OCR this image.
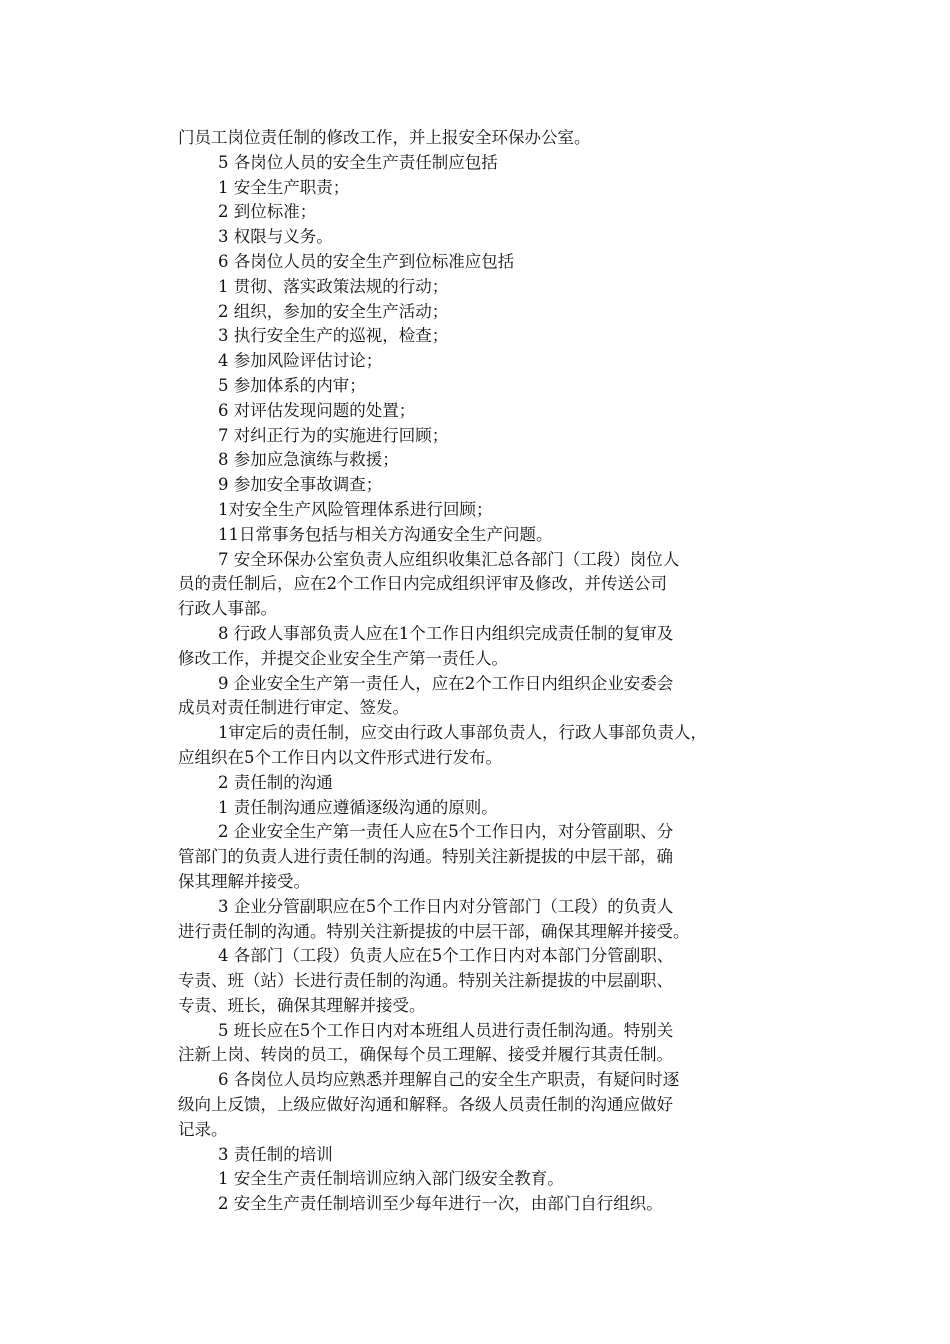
门员工岗位责任制的修改工作，并上报安全环保办公室。
5 各岗位人员的安全生产责任制应包括
1 安全生产职责；
2 到位标准；
3 权限与义务。
6 各岗位人员的安全生产到位标准应包括
1 贯彻、落实政策法规的行动；
2 组织，参加的安全生产活动；
3 执行安全生产的巡视，检查；
4 参加风险评估讨论；
5 参加体系的内审；
6 对评估发现问题的处置；
7 对纠正行为的实施进行回顾；
8 参加应急演练与救援；
9 参加安全事故调查；
1对安全生产风险管理体系进行回顾；
11日常事务包括与相关方沟通安全生产问题。
7 安全环保办公室负责人应组织收集汇总各部门（工段）岗位人
员的责任制后，应在2个工作日内完成组织评审及修改，并传送公司
行政人事部。
8 行政人事部负责人应在1个工作日内组织完成责任制的复审及
修改工作，并提交企业安全生产第一责任人。
9 企业安全生产第一责任人，应在2个工作日内组织企业安委会
成员对责任制进行审定、签发。
1审定后的责任制，应交由行政人事部负责人，行政人事部负责人，
应组织在5个工作日内以文件形式进行发布。
2 责任制的沟通
1 责任制沟通应遵循逐级沟通的原则。
2 企业安全生产第一责任人应在5个工作日内，对分管副职、分
管部门的负责人进行责任制的沟通。特别关注新提拔的中层干部，确
保其理解并接受。
3 企业分管副职应在5个工作日内对分管部门（工段）的负责人
进行责任制的沟通。特别关注新提拔的中层干部，确保其理解并接受。
4 各部门（工段）负责人应在5个工作日内对本部门分管副职、
专责、班（站）长进行责任制的沟通。特别关注新提拔的中层副职、
专责、班长，确保其理解并接受。
5 班长应在5个工作日内对本班组人员进行责任制沟通。特别关
注新上岗、转岗的员工，确保每个员工理解、接受并履行其责任制。
6 各岗位人员均应熟悉并理解自己的安全生产职责，有疑问时逐
级向上反馈，上级应做好沟通和解释。各级人员责任制的沟通应做好
记录。
3 责任制的培训
1 安全生产责任制培训应纳入部门级安全教育。
2 安全生产责任制培训至少每年进行一次，由部门自行组织。
